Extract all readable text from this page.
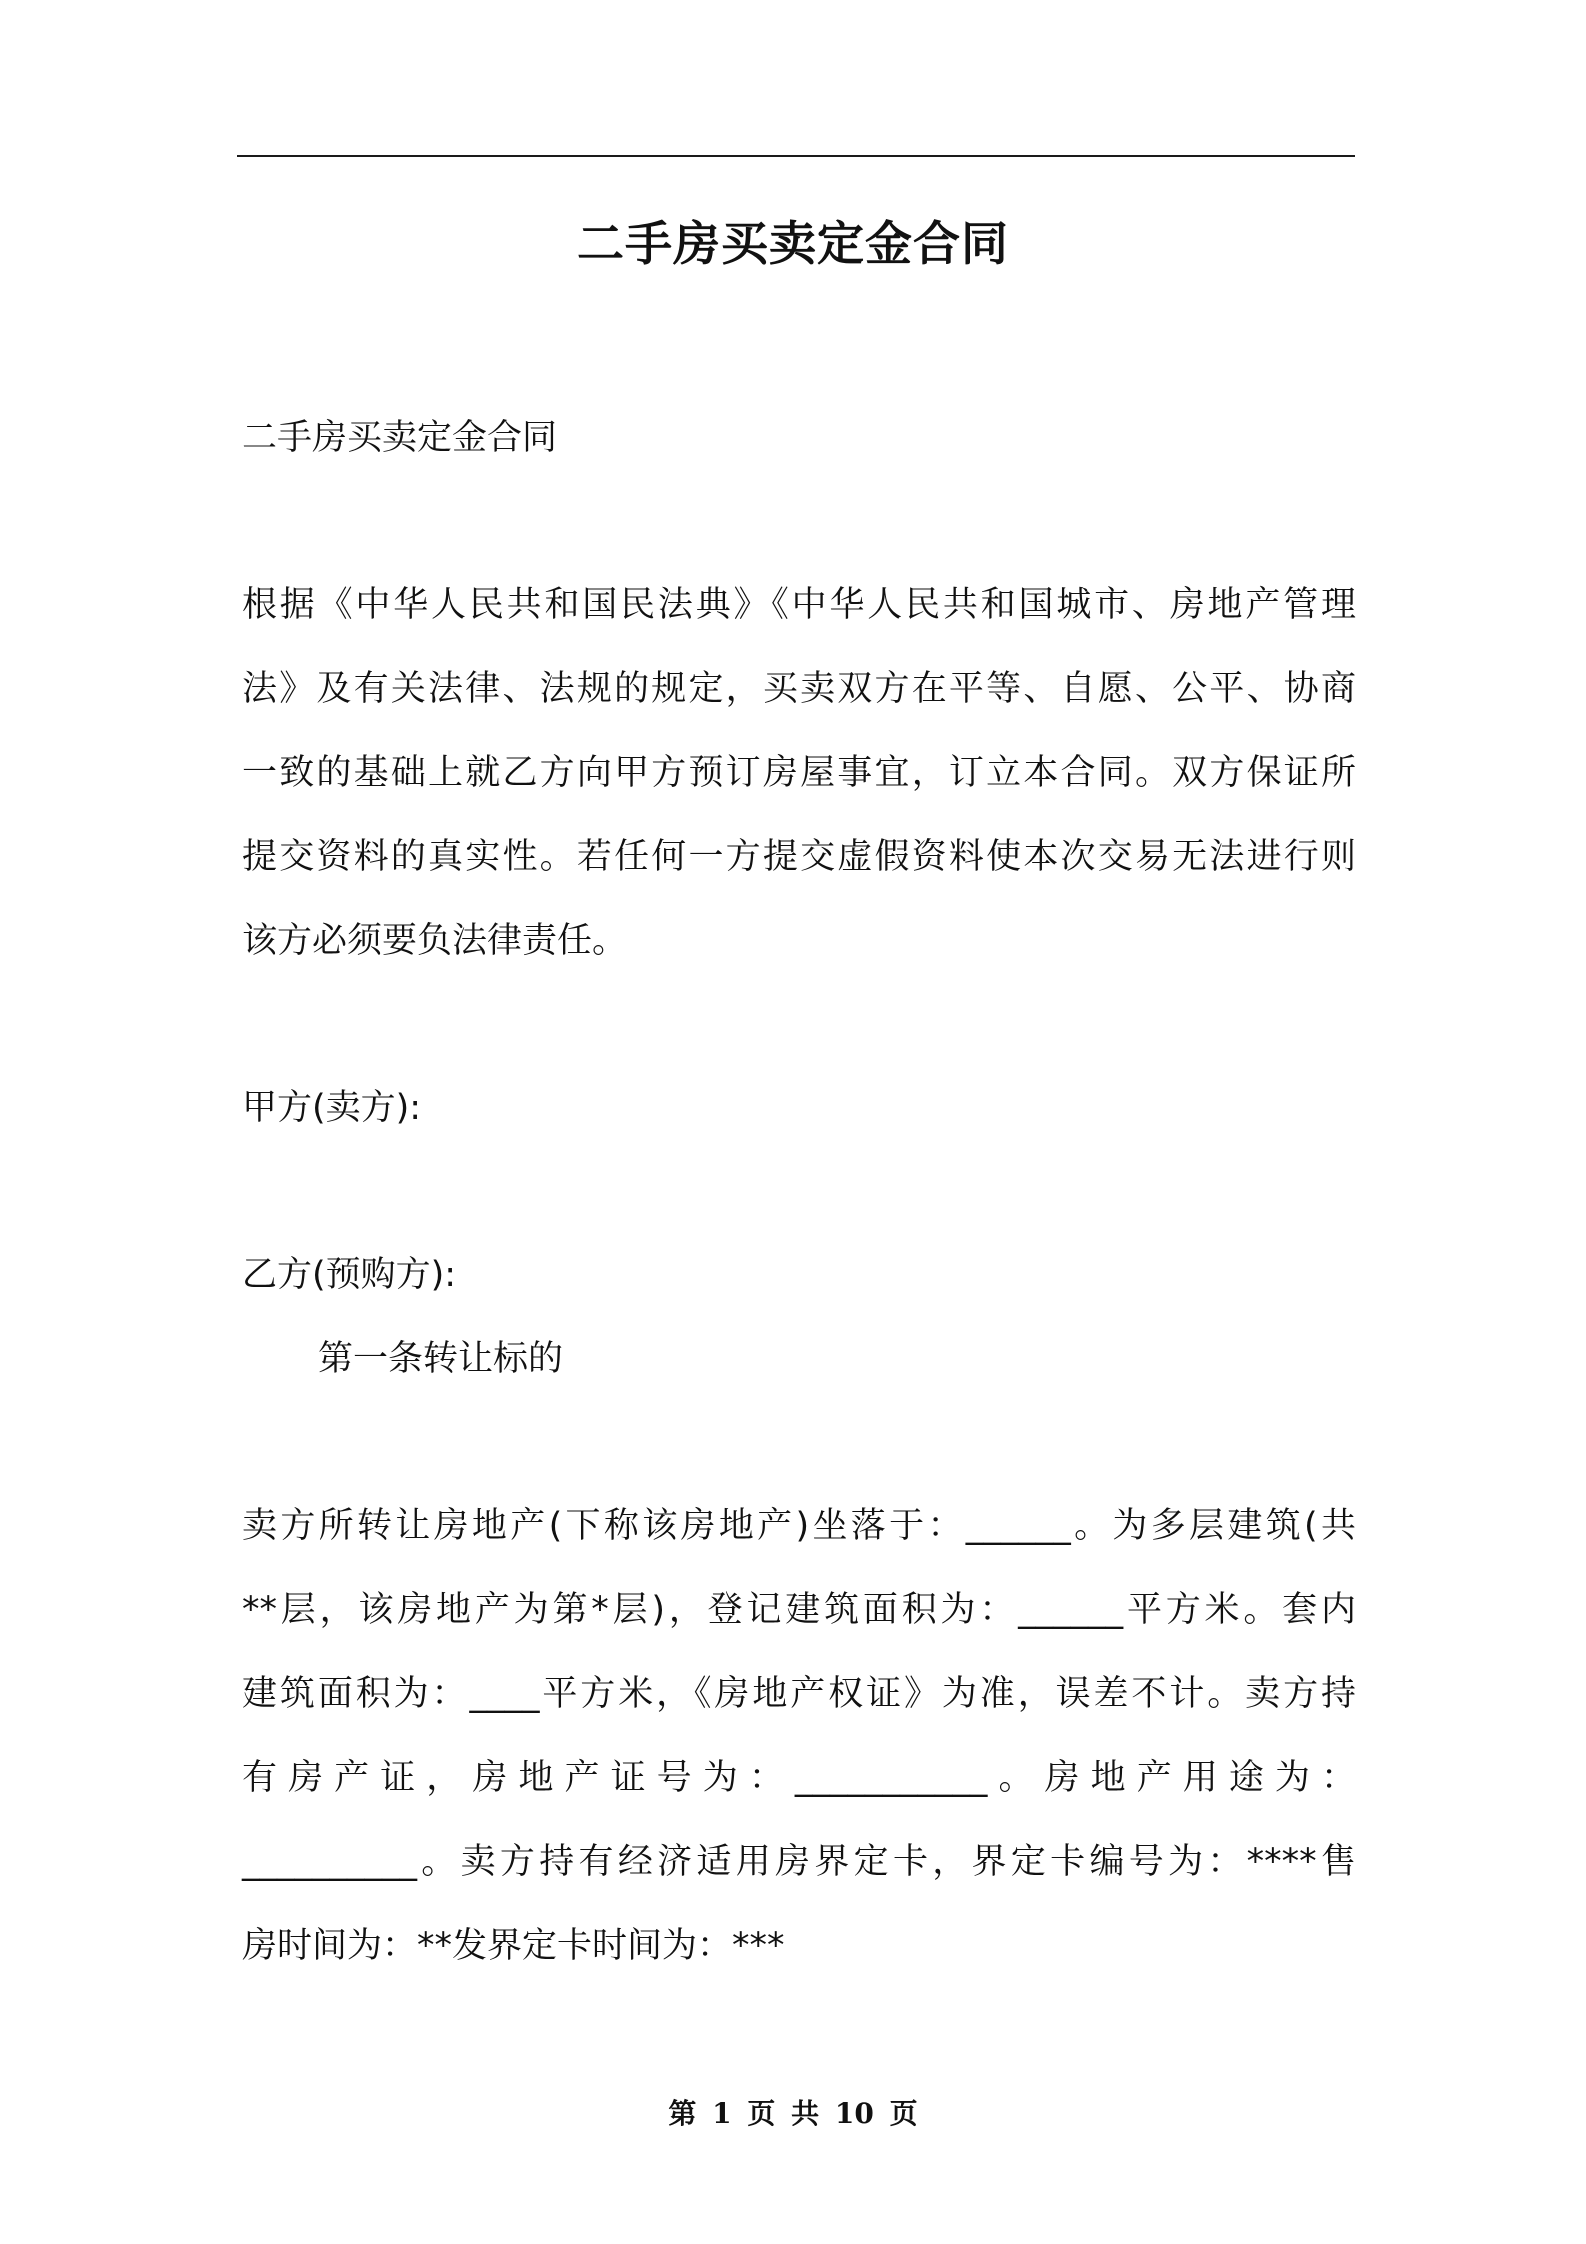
二手房买卖定金合同
二手房买卖定金合同
根据《中华人民共和国民法典》《中华人民共和国城市、房地产管理
法》及有关法律、法规的规定，买卖双方在平等、自愿、公平、协商
一致的基础上就乙方向甲方预订房屋事宜，订立本合同。双方保证所
提交资料的真实性。若任何一方提交虚假资料使本次交易无法进行则
该方必须要负法律责任。
甲方(卖方):
乙方(预购方):
第一条转让标的
卖方所转让房地产(下称该房地产)坐落于：______。为多层建筑(共
**层，该房地产为第*层)，登记建筑面积为：______平方米。套内
建筑面积为：____平方米，《房地产权证》为准，误差不计。卖方持
有房产证，房地产证号为：___________。房地产用途为：
__________。卖方持有经济适用房界定卡，界定卡编号为：****售
房时间为：**发界定卡时间为：***
第 1 页 共 10 页
